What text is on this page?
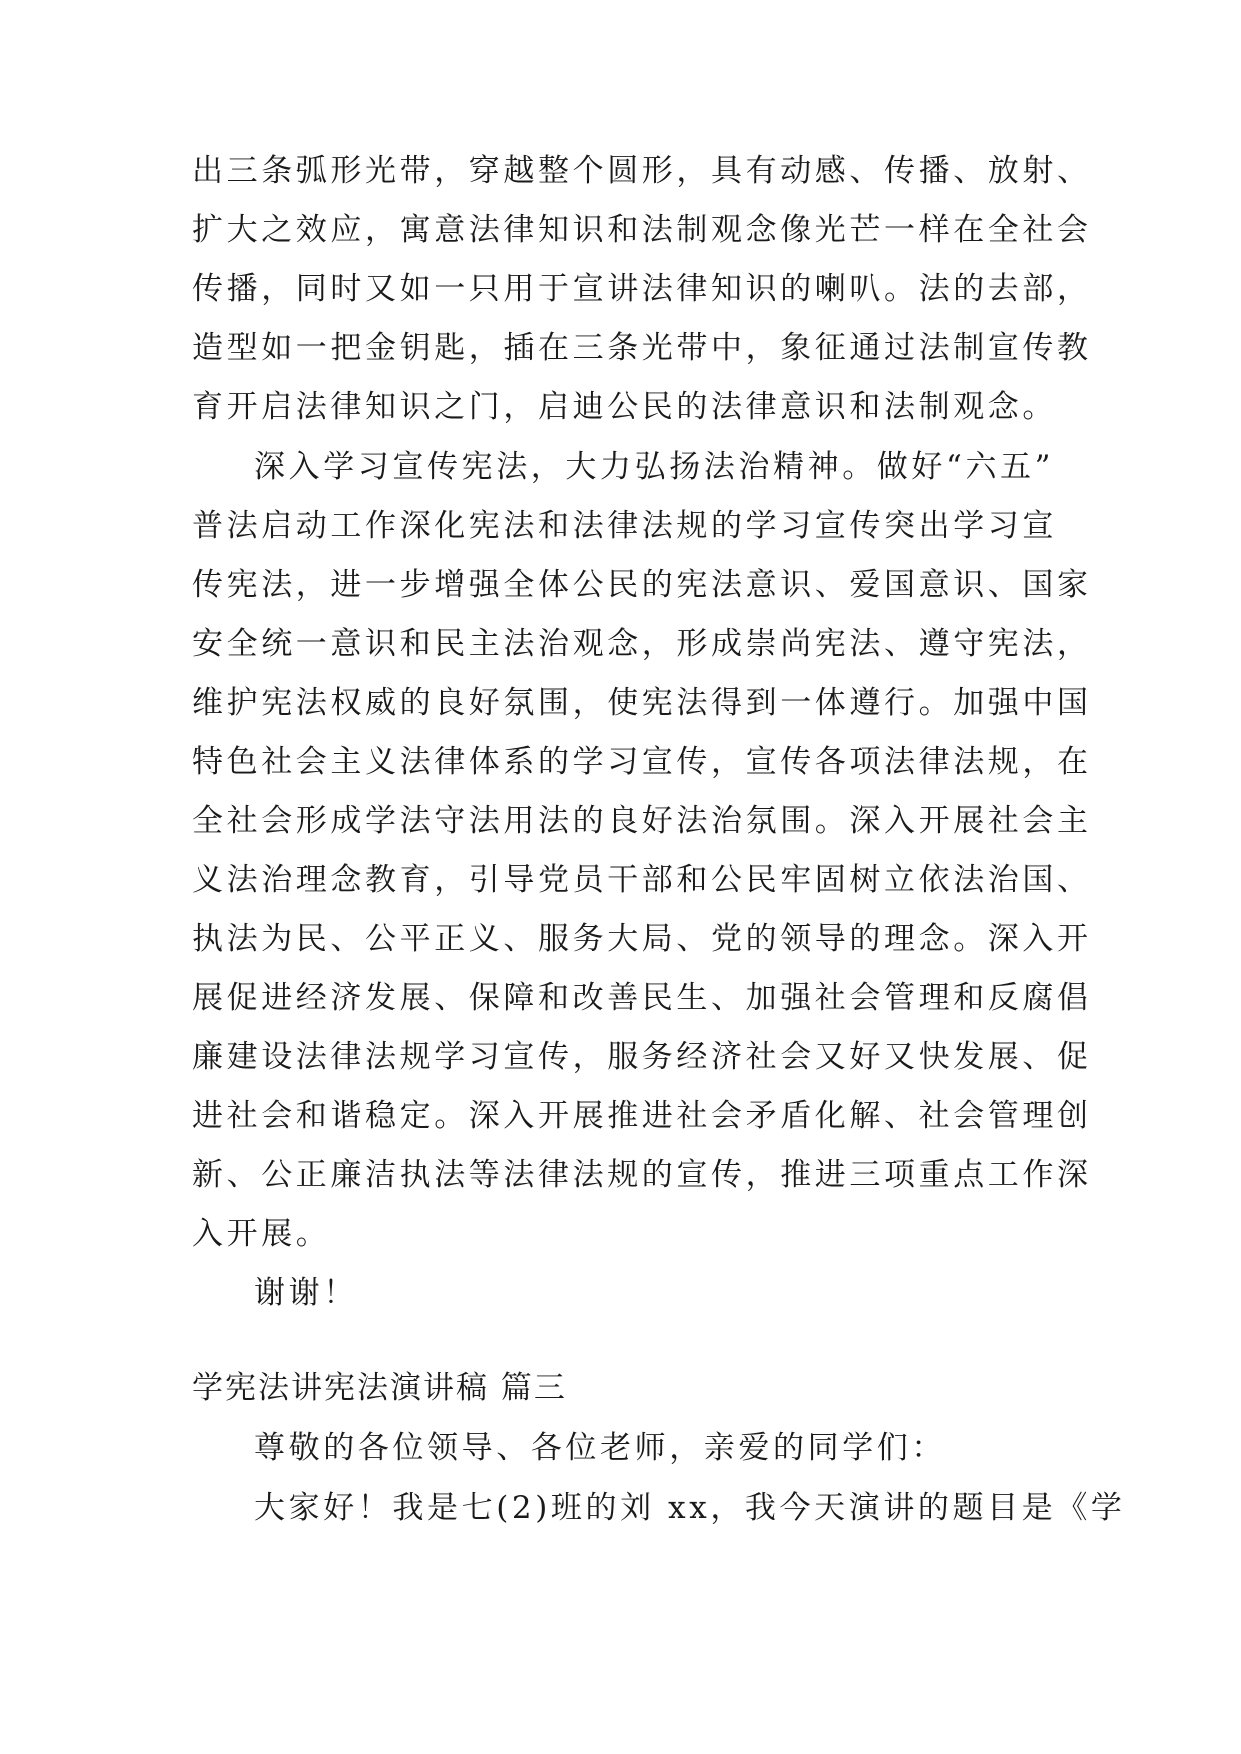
出三条弧形光带，穿越整个圆形，具有动感、传播、放射、
扩大之效应，寓意法律知识和法制观念像光芒一样在全社会
传播，同时又如一只用于宣讲法律知识的喇叭。法的去部，
造型如一把金钥匙，插在三条光带中，象征通过法制宣传教
育开启法律知识之门，启迪公民的法律意识和法制观念。
深入学习宣传宪法，大力弘扬法治精神。做好“六五”
普法启动工作深化宪法和法律法规的学习宣传突出学习宣
传宪法，进一步增强全体公民的宪法意识、爱国意识、国家
安全统一意识和民主法治观念，形成崇尚宪法、遵守宪法，
维护宪法权威的良好氛围，使宪法得到一体遵行。加强中国
特色社会主义法律体系的学习宣传，宣传各项法律法规，在
全社会形成学法守法用法的良好法治氛围。深入开展社会主
义法治理念教育，引导党员干部和公民牢固树立依法治国、
执法为民、公平正义、服务大局、党的领导的理念。深入开
展促进经济发展、保障和改善民生、加强社会管理和反腐倡
廉建设法律法规学习宣传，服务经济社会又好又快发展、促
进社会和谐稳定。深入开展推进社会矛盾化解、社会管理创
新、公正廉洁执法等法律法规的宣传，推进三项重点工作深
入开展。
谢谢！
学宪法讲宪法演讲稿 篇三
尊敬的各位领导、各位老师，亲爱的同学们：
大家好！我是七(2)班的刘 xx，我今天演讲的题目是《学
